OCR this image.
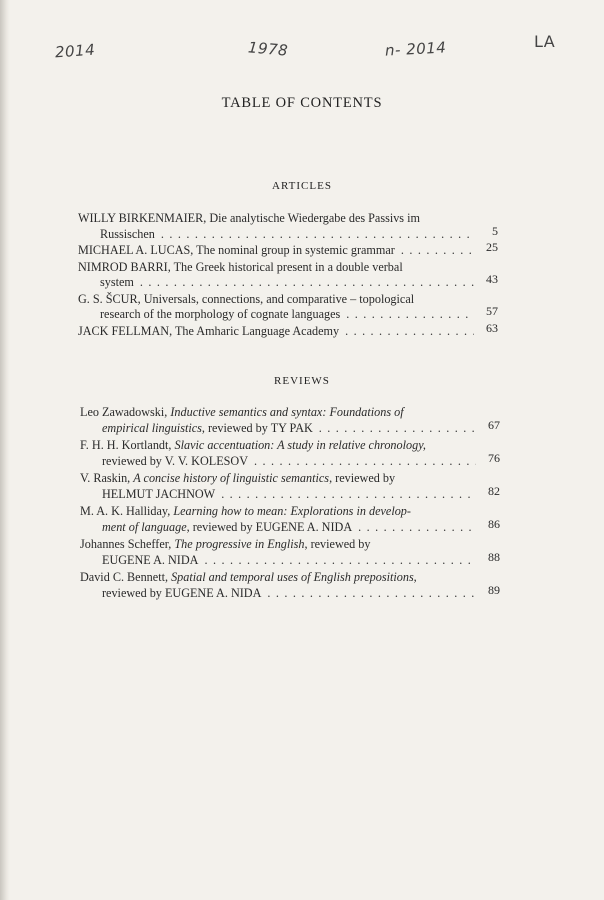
2014	1978	n- 2014	LA
TABLE OF CONTENTS
ARTICLES
WILLY BIRKENMAIER, Die analytische Wiedergabe des Passivs im
Russischen . . .	5
MICHAEL A. LUCAS, The nominal group in systemic grammar . . .	25
NIMROD BARRI, The Greek historical present in a double verbal
system . . .	43
G. S. ŠCUR, Universals, connections, and comparative – topological
research of the morphology of cognate languages . . .	57
JACK FELLMAN, The Amharic Language Academy . . .	63
REVIEWS
Leo Zawadowski, Inductive semantics and syntax: Foundations of
empirical linguistics, reviewed by TY PAK . . .	67
F. H. H. Kortlandt, Slavic accentuation: A study in relative chronology,
reviewed by V. V. KOLESOV . . .	76
V. Raskin, A concise history of linguistic semantics, reviewed by
HELMUT JACHNOW . . .	82
M. A. K. Halliday, Learning how to mean: Explorations in develop-
ment of language, reviewed by EUGENE A. NIDA . . .	86
Johannes Scheffer, The progressive in English, reviewed by
EUGENE A. NIDA . . .	88
David C. Bennett, Spatial and temporal uses of English prepositions,
reviewed by EUGENE A. NIDA . . .	89
